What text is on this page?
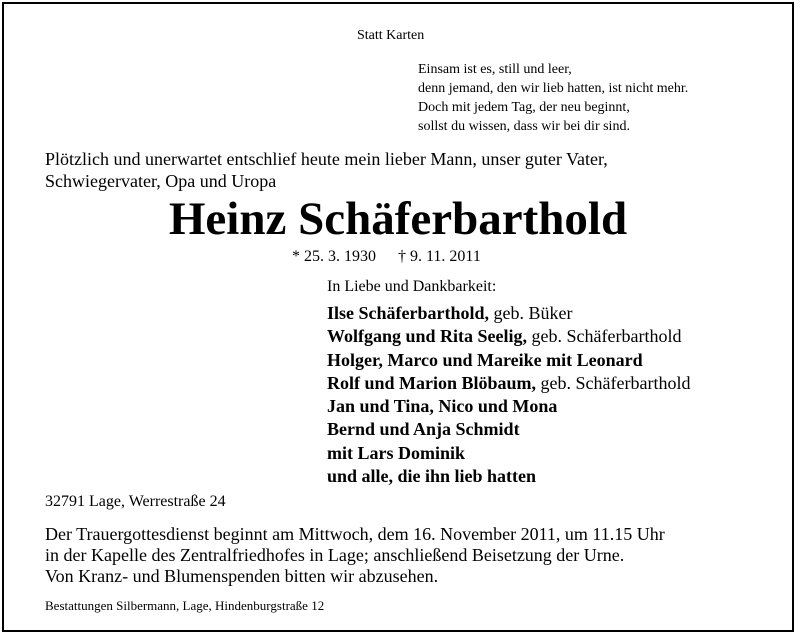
Statt Karten
Einsam ist es, still und leer,
denn jemand, den wir lieb hatten, ist nicht mehr.
Doch mit jedem Tag, der neu beginnt,
sollst du wissen, dass wir bei dir sind.
Plötzlich und unerwartet entschlief heute mein lieber Mann, unser guter Vater,
Schwiegervater, Opa und Uropa
Heinz Schäferbarthold
* 25. 3. 1930 † 9. 11. 2011
In Liebe und Dankbarkeit:
Ilse Schäferbarthold, geb. Büker
Wolfgang und Rita Seelig, geb. Schäferbarthold
Holger, Marco und Mareike mit Leonard
Rolf und Marion Blöbaum, geb. Schäferbarthold
Jan und Tina, Nico und Mona
Bernd und Anja Schmidt
mit Lars Dominik
und alle, die ihn lieb hatten
32791 Lage, Werrestraße 24
Der Trauergottesdienst beginnt am Mittwoch, dem 16. November 2011, um 11.15 Uhr
in der Kapelle des Zentralfriedhofes in Lage; anschließend Beisetzung der Urne.
Von Kranz- und Blumenspenden bitten wir abzusehen.
Bestattungen Silbermann, Lage, Hindenburgstraße 12
